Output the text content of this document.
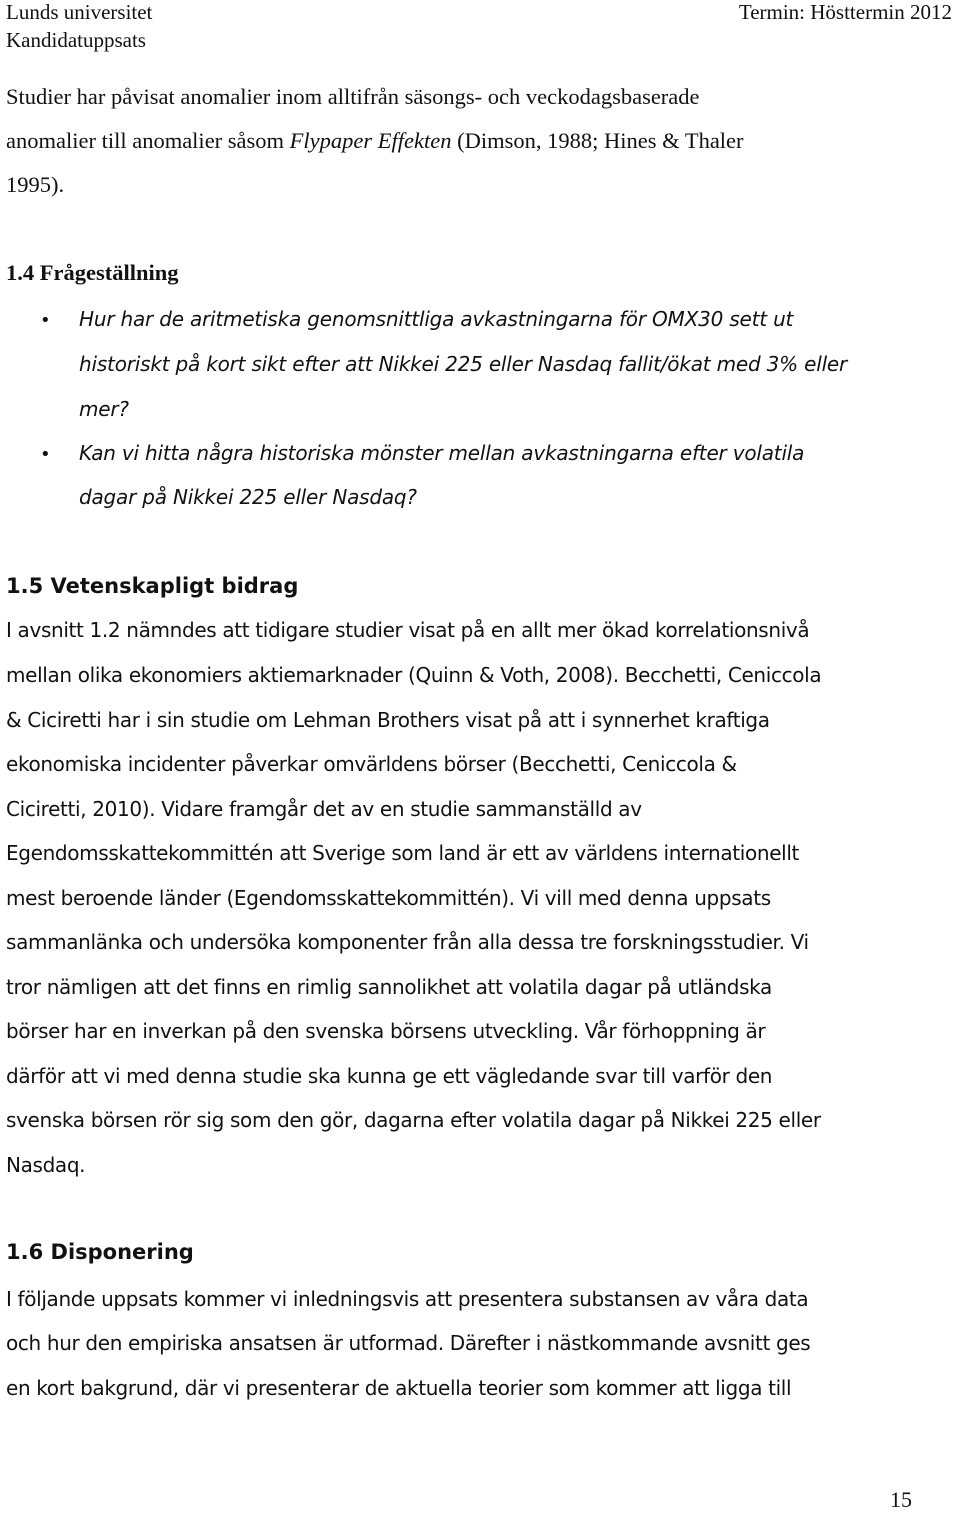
Lunds universitet
Kandidatuppsats
Termin: Hösttermin 2012
Studier har påvisat anomalier inom alltifrån säsongs- och veckodagsbaserade
anomalier till anomalier såsom Flypaper Effekten (Dimson, 1988; Hines & Thaler
1995).
1.4 Frågeställning
• Hur har de aritmetiska genomsnittliga avkastningarna för OMX30 sett ut
historiskt på kort sikt efter att Nikkei 225 eller Nasdaq fallit/ökat med 3% eller
mer?
• Kan vi hitta några historiska mönster mellan avkastningarna efter volatila
dagar på Nikkei 225 eller Nasdaq?
1.5 Vetenskapligt bidrag
I avsnitt 1.2 nämndes att tidigare studier visat på en allt mer ökad korrelationsnivå
mellan olika ekonomiers aktiemarknader (Quinn & Voth, 2008). Becchetti, Ceniccola
& Ciciretti har i sin studie om Lehman Brothers visat på att i synnerhet kraftiga
ekonomiska incidenter påverkar omvärldens börser (Becchetti, Ceniccola &
Ciciretti, 2010). Vidare framgår det av en studie sammanställd av
Egendomsskattekommittén att Sverige som land är ett av världens internationellt
mest beroende länder (Egendomsskattekommittén). Vi vill med denna uppsats
sammanlänka och undersöka komponenter från alla dessa tre forskningsstudier. Vi
tror nämligen att det finns en rimlig sannolikhet att volatila dagar på utländska
börser har en inverkan på den svenska börsens utveckling. Vår förhoppning är
därför att vi med denna studie ska kunna ge ett vägledande svar till varför den
svenska börsen rör sig som den gör, dagarna efter volatila dagar på Nikkei 225 eller
Nasdaq.
1.6 Disponering
I följande uppsats kommer vi inledningsvis att presentera substansen av våra data
och hur den empiriska ansatsen är utformad. Därefter i nästkommande avsnitt ges
en kort bakgrund, där vi presenterar de aktuella teorier som kommer att ligga till
15
